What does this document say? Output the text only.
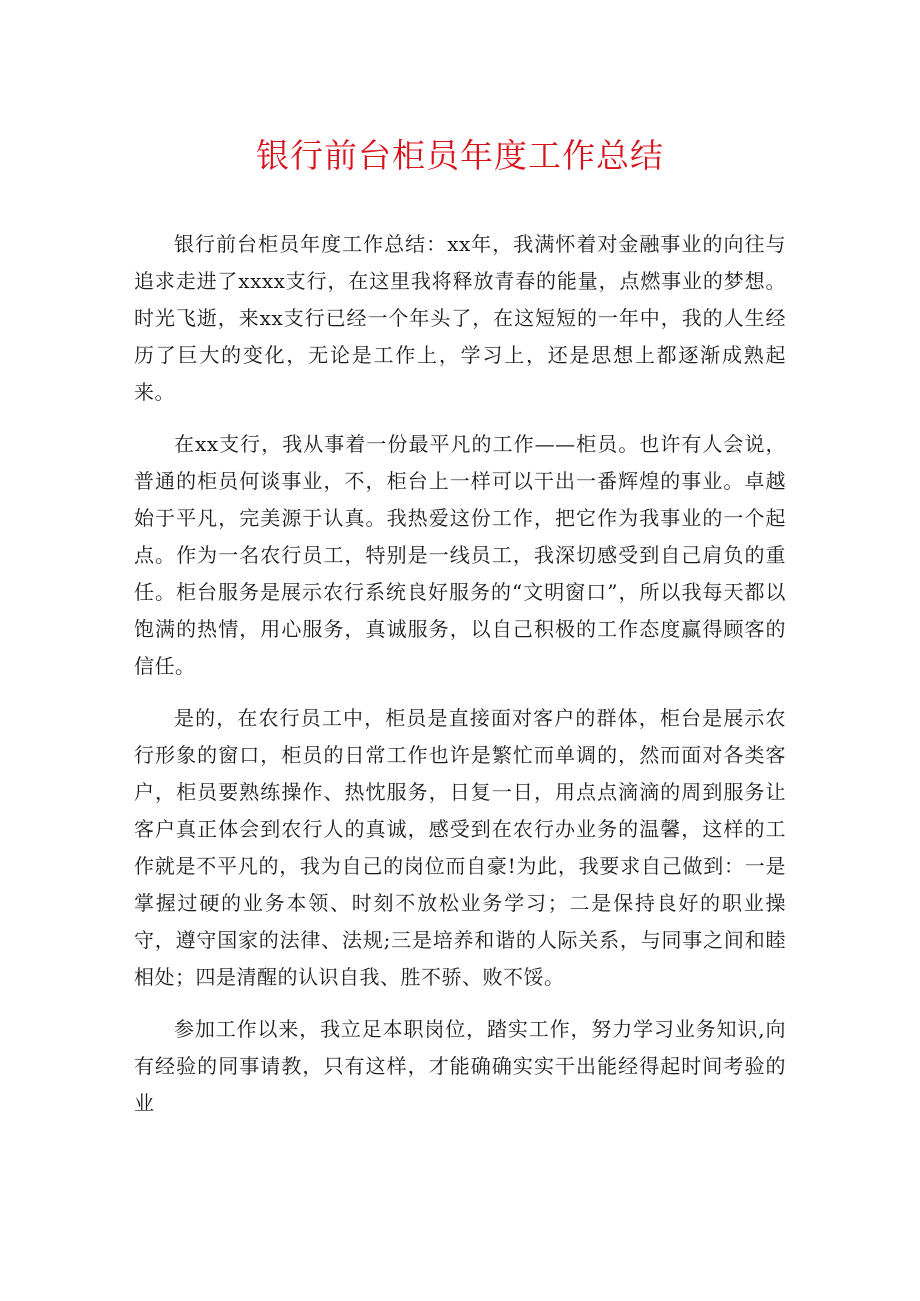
银行前台柜员年度工作总结

银行前台柜员年度工作总结：xx年，我满怀着对金融事业的向往与追求走进了xxxx支行，在这里我将释放青春的能量，点燃事业的梦想。时光飞逝，来xx支行已经一个年头了，在这短短的一年中，我的人生经历了巨大的变化，无论是工作上，学习上，还是思想上都逐渐成熟起来。

在xx支行，我从事着一份最平凡的工作——柜员。也许有人会说，普通的柜员何谈事业，不，柜台上一样可以干出一番辉煌的事业。卓越始于平凡，完美源于认真。我热爱这份工作，把它作为我事业的一个起点。作为一名农行员工，特别是一线员工，我深切感受到自己肩负的重任。柜台服务是展示农行系统良好服务的“文明窗口”，所以我每天都以饱满的热情，用心服务，真诚服务，以自己积极的工作态度赢得顾客的信任。

是的，在农行员工中，柜员是直接面对客户的群体，柜台是展示农行形象的窗口，柜员的日常工作也许是繁忙而单调的，然而面对各类客户，柜员要熟练操作、热忱服务，日复一日，用点点滴滴的周到服务让客户真正体会到农行人的真诚，感受到在农行办业务的温馨，这样的工作就是不平凡的，我为自己的岗位而自豪!为此，我要求自己做到：一是掌握过硬的业务本领、时刻不放松业务学习；二是保持良好的职业操守，遵守国家的法律、法规;三是培养和谐的人际关系，与同事之间和睦相处；四是清醒的认识自我、胜不骄、败不馁。

参加工作以来，我立足本职岗位，踏实工作，努力学习业务知识,向有经验的同事请教，只有这样，才能确确实实干出能经得起时间考验的业
